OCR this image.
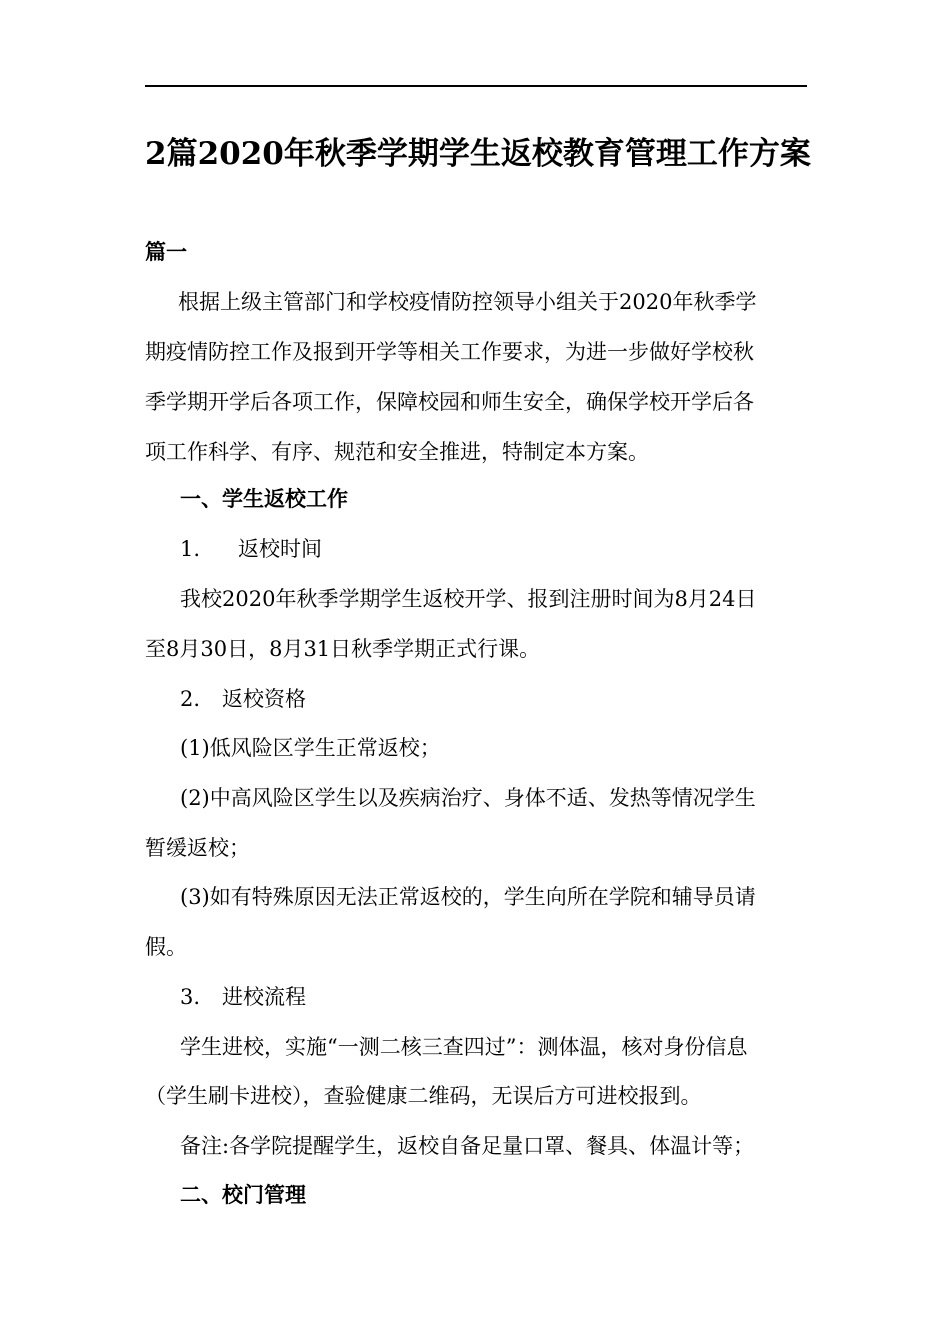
2篇2020年秋季学期学生返校教育管理工作方案
篇一
　根据上级主管部门和学校疫情防控领导小组关于2020年秋季学
期疫情防控工作及报到开学等相关工作要求，为进一步做好学校秋
季学期开学后各项工作，保障校园和师生安全，确保学校开学后各
项工作科学、有序、规范和安全推进，特制定本方案。
一、学生返校工作
1. 返校时间
我校2020年秋季学期学生返校开学、报到注册时间为8月24日
至8月30日，8月31日秋季学期正式行课。
2. 返校资格
(1)低风险区学生正常返校；
(2)中高风险区学生以及疾病治疗、身体不适、发热等情况学生
暂缓返校；
(3)如有特殊原因无法正常返校的，学生向所在学院和辅导员请
假。
3. 进校流程
学生进校，实施“一测二核三查四过”：测体温，核对身份信息
（学生刷卡进校），查验健康二维码，无误后方可进校报到。
备注:各学院提醒学生，返校自备足量口罩、餐具、体温计等；
二、校门管理
